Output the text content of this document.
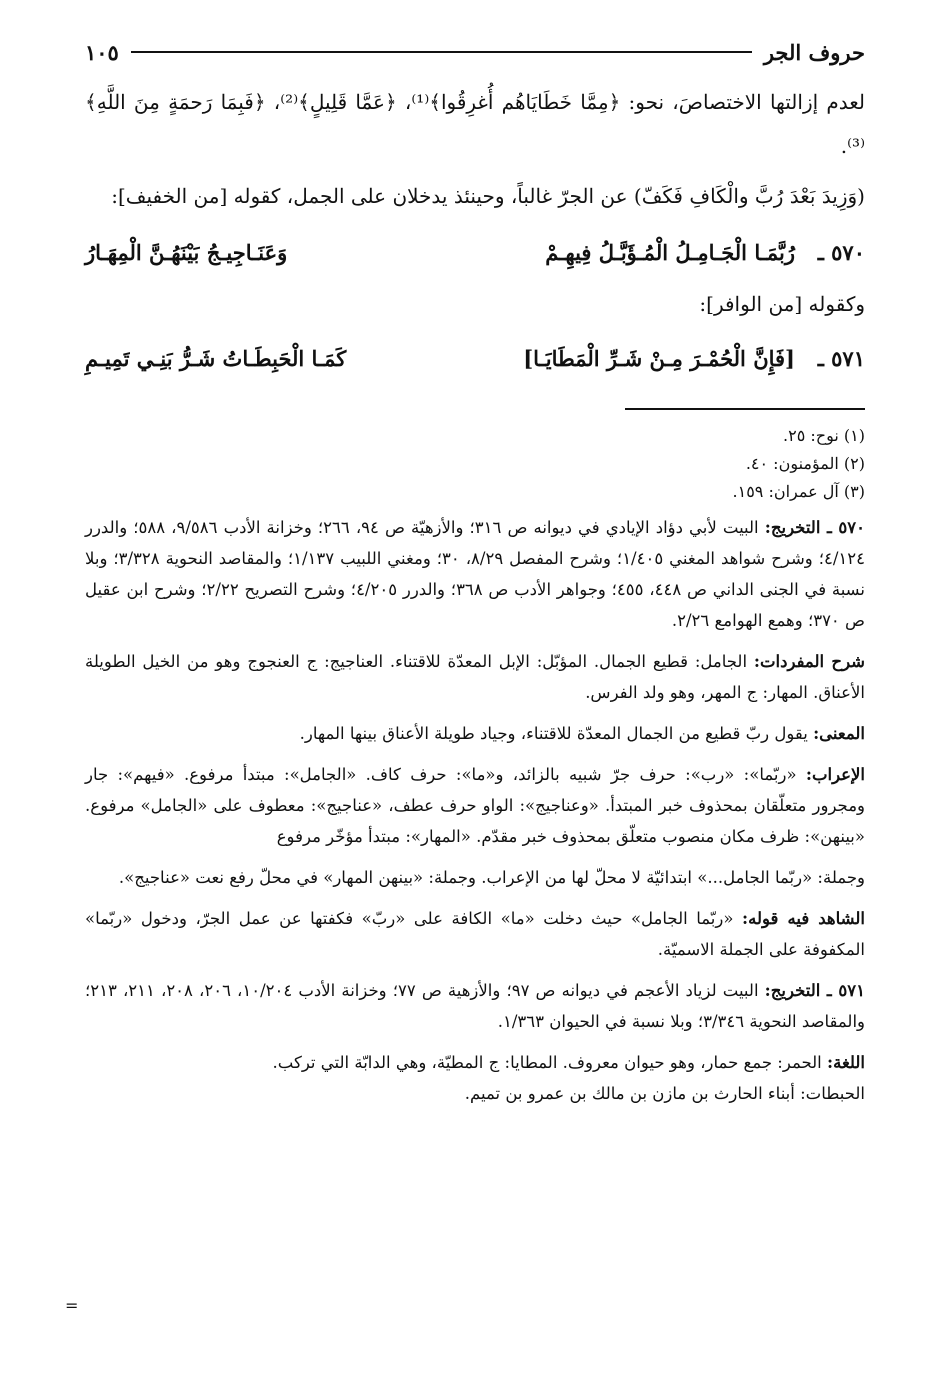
حروف الجر
١٠٥

لعدم إزالتها الاختصاصَ، نحو: ﴿مِمَّا خَطَايَاهُم أُغرِقُوا﴾⁽¹⁾، ﴿عَمَّا قَلِيلٍ﴾⁽²⁾، ﴿فَبِمَا رَحمَةٍ مِنَ اللَّهِ﴾⁽³⁾.

(وَزِيدَ بَعْدَ رُبَّ والْكَافِ فَكَفّ) عن الجرّ غالباً، وحينئذ يدخلان على الجمل، كقوله [من الخفيف]:

٥٧٠ ـ
رُبَّمَـا الْجَـامِـلُ الْمُـؤَبَّـلُ فِيهِـمْ
وَعَنَـاجِيـجُ بَيْنَهُـنَّ الْمِهَـارُ

وكقوله [من الوافر]:

٥٧١ ـ
[فَإِنَّ الْحُمْـرَ مِـنْ شَـرِّ الْمَطَايَـا]
كَمَـا الْحَبِطَـاتُ شَـرُّ بَنِـي تَمِيـمِ

(١) نوح: ٢٥.

(٢) المؤمنون: ٤٠.

(٣) آل عمران: ١٥٩.

٥٧٠ ـ التخريج: البيت لأبي دؤاد الإيادي في ديوانه ص ٣١٦؛ والأزهيّة ص ٩٤، ٢٦٦؛ وخزانة الأدب ٩/٥٨٦، ٥٨٨؛ والدرر ٤/١٢٤؛ وشرح شواهد المغني ١/٤٠٥؛ وشرح المفصل ٨/٢٩، ٣٠؛ ومغني اللبيب ١/١٣٧؛ والمقاصد النحوية ٣/٣٢٨؛ وبلا نسبة في الجنى الداني ص ٤٤٨، ٤٥٥؛ وجواهر الأدب ص ٣٦٨؛ والدرر ٤/٢٠٥؛ وشرح التصريح ٢/٢٢؛ وشرح ابن عقيل ص ٣٧٠؛ وهمع الهوامع ٢/٢٦.

شرح المفردات: الجامل: قطيع الجمال. المؤبّل: الإبل المعدّة للاقتناء. العناجيج: ج العنجوج وهو من الخيل الطويلة الأعناق. المهار: ج المهر، وهو ولد الفرس.

المعنى: يقول ربّ قطيع من الجمال المعدّة للاقتناء، وجياد طويلة الأعناق بينها المهار.

الإعراب: «ربّما»: «رب»: حرف جرّ شبيه بالزائد، و«ما»: حرف كاف. «الجامل»: مبتدأ مرفوع. «فيهم»: جار ومجرور متعلّقان بمحذوف خبر المبتدأ. «وعناجيج»: الواو حرف عطف، «عناجيج»: معطوف على «الجامل» مرفوع. «بينهن»: ظرف مكان منصوب متعلّق بمحذوف خبر مقدّم. «المهار»: مبتدأ مؤخّر مرفوع

وجملة: «ربّما الجامل...» ابتدائيّة لا محلّ لها من الإعراب. وجملة: «بينهن المهار» في محلّ رفع نعت «عناجيج».

الشاهد فيه قوله: «ربّما الجامل» حيث دخلت «ما» الكافة على «ربّ» فكفتها عن عمل الجرّ، ودخول «ربّما» المكفوفة على الجملة الاسميّة.

٥٧١ ـ التخريج: البيت لزياد الأعجم في ديوانه ص ٩٧؛ والأزهية ص ٧٧؛ وخزانة الأدب ١٠/٢٠٤، ٢٠٦، ٢٠٨، ٢١١، ٢١٣؛ والمقاصد النحوية ٣/٣٤٦؛ وبلا نسبة في الحيوان ١/٣٦٣.

اللغة: الحمر: جمع حمار، وهو حيوان معروف. المطايا: ج المطيّة، وهي الدابّة التي تركب.
الحبطات: أبناء الحارث بن مازن بن مالك بن عمرو بن تميم.

=
